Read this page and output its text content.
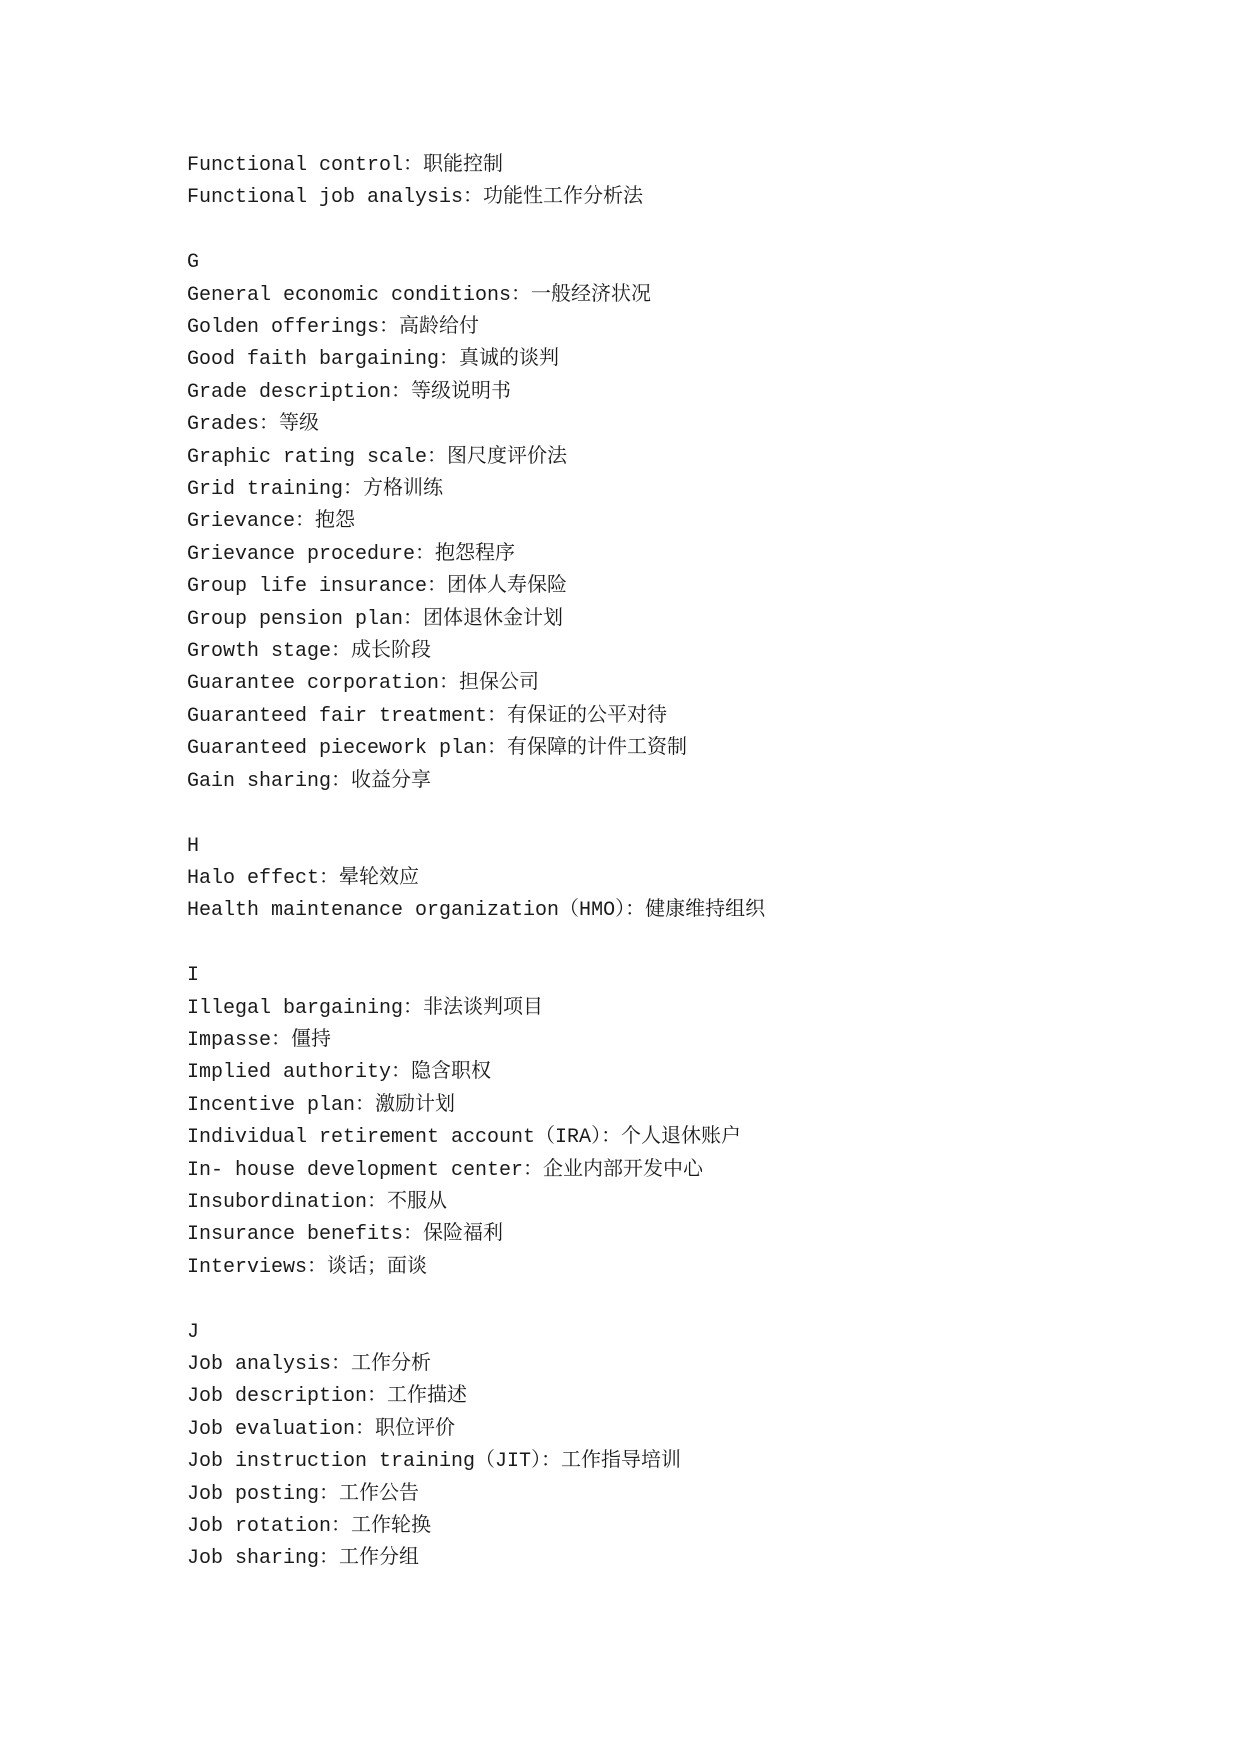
Functional control：职能控制
Functional job analysis：功能性工作分析法
G
General economic conditions：一般经济状况
Golden offerings：高龄给付
Good faith bargaining：真诚的谈判
Grade description：等级说明书
Grades：等级
Graphic rating scale：图尺度评价法
Grid training：方格训练
Grievance：抱怨
Grievance procedure：抱怨程序
Group life insurance：团体人寿保险
Group pension plan：团体退休金计划
Growth stage：成长阶段
Guarantee corporation：担保公司
Guaranteed fair treatment：有保证的公平对待
Guaranteed piecework plan：有保障的计件工资制
Gain sharing：收益分享
H
Halo effect：晕轮效应
Health maintenance organization（HMO）：健康维持组织
I
Illegal bargaining：非法谈判项目
Impasse：僵持
Implied authority：隐含职权
Incentive plan：激励计划
Individual retirement account（IRA）：个人退休账户
In- house development center：企业内部开发中心
Insubordination：不服从
Insurance benefits：保险福利
Interviews：谈话；面谈
J
Job analysis：工作分析
Job description：工作描述
Job evaluation：职位评价
Job instruction training（JIT）：工作指导培训
Job posting：工作公告
Job rotation：工作轮换
Job sharing：工作分组
